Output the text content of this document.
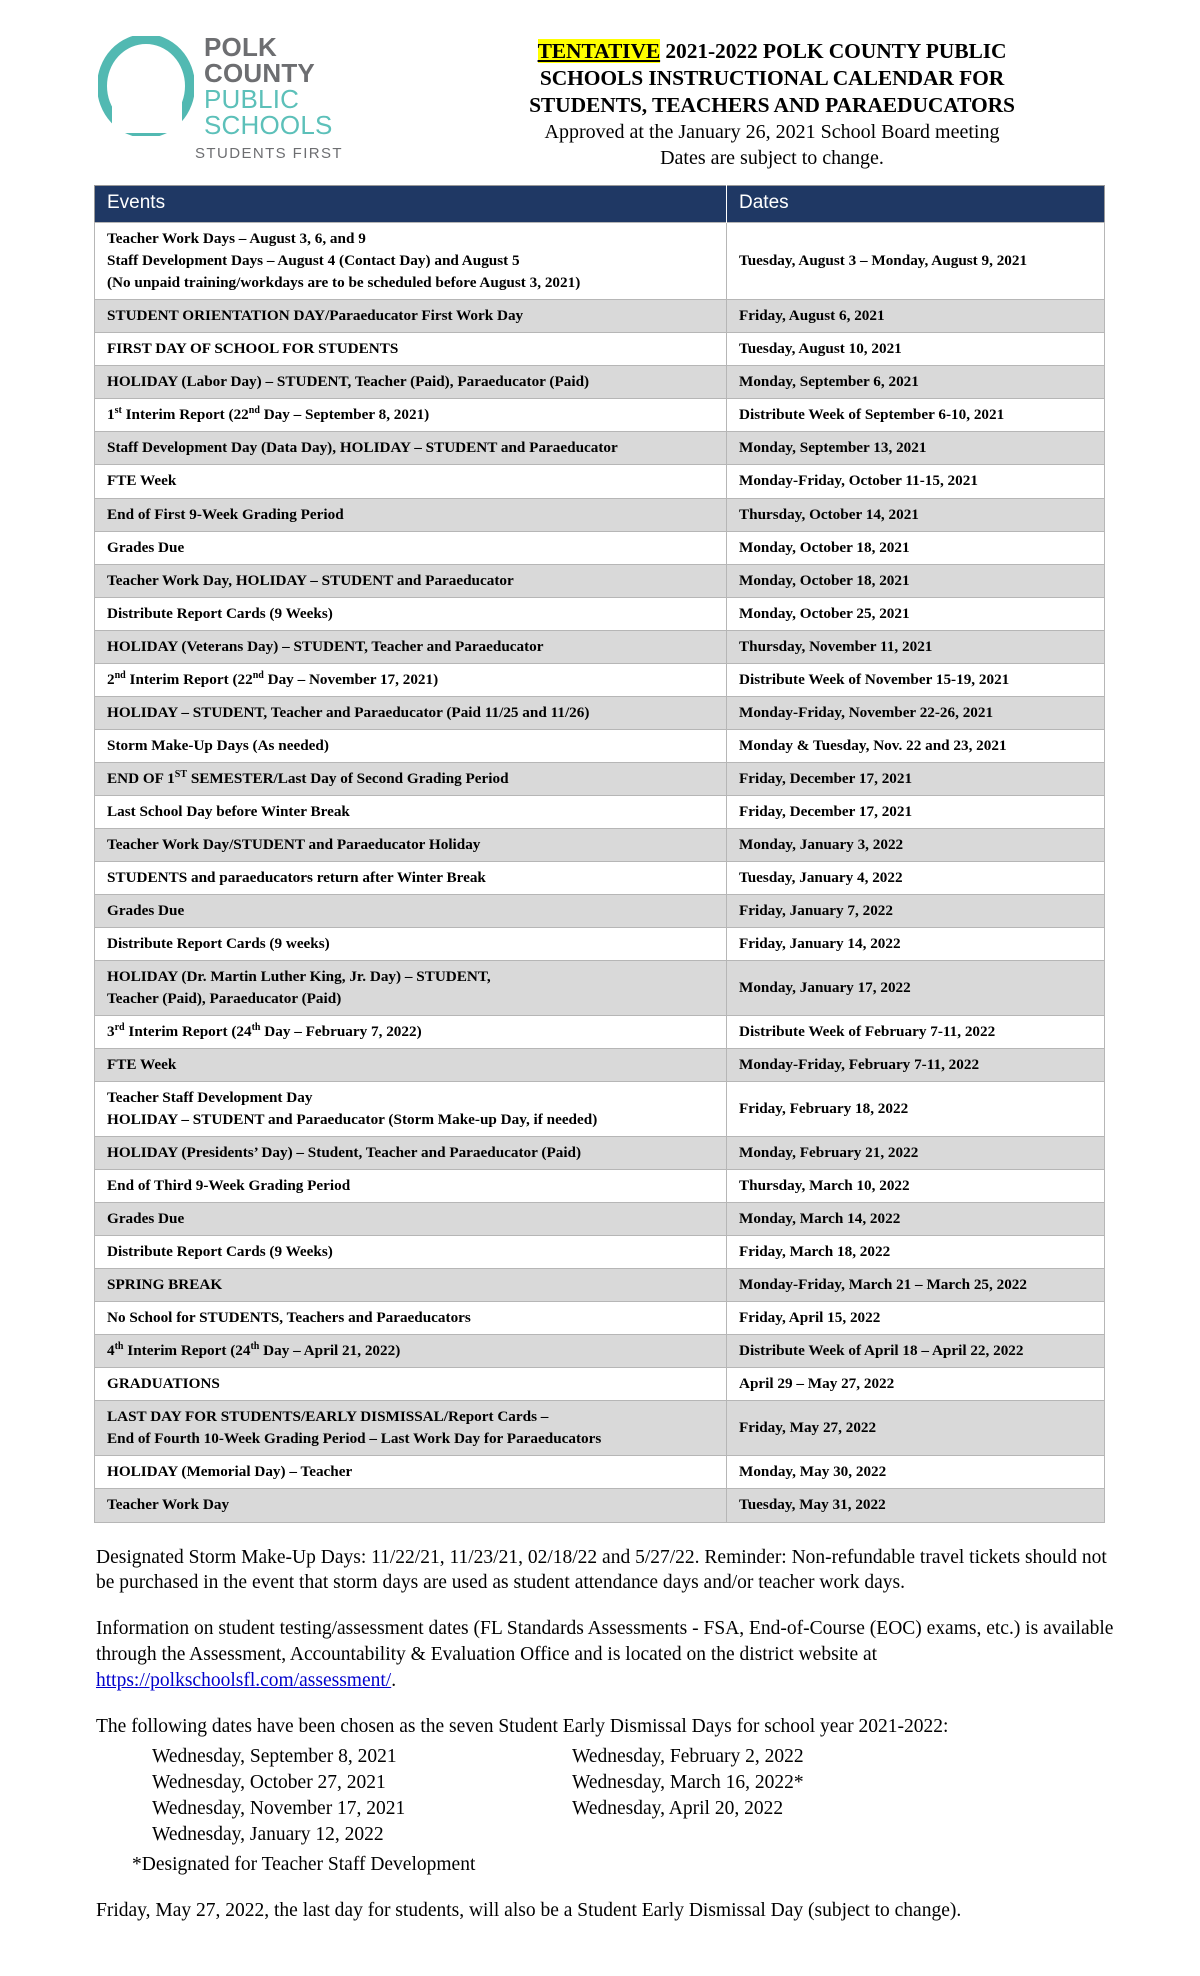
POLK COUNTY
PUBLIC SCHOOLS
STUDENTS FIRST
TENTATIVE 2021-2022 POLK COUNTY PUBLIC
SCHOOLS INSTRUCTIONAL CALENDAR FOR
STUDENTS, TEACHERS AND PARAEDUCATORS
Approved at the January 26, 2021 School Board meeting
Dates are subject to change.
Events	Dates
Teacher Work Days – August 3, 6, and 9
Staff Development Days – August 4 (Contact Day) and August 5
(No unpaid training/workdays are to be scheduled before August 3, 2021)	Tuesday, August 3 – Monday, August 9, 2021
STUDENT ORIENTATION DAY/Paraeducator First Work Day	Friday, August 6, 2021
FIRST DAY OF SCHOOL FOR STUDENTS	Tuesday, August 10, 2021
HOLIDAY (Labor Day) – STUDENT, Teacher (Paid), Paraeducator (Paid)	Monday, September 6, 2021
1st Interim Report (22nd Day – September 8, 2021)	Distribute Week of September 6-10, 2021
Staff Development Day (Data Day), HOLIDAY – STUDENT and Paraeducator	Monday, September 13, 2021
FTE Week	Monday-Friday, October 11-15, 2021
End of First 9-Week Grading Period	Thursday, October 14, 2021
Grades Due	Monday, October 18, 2021
Teacher Work Day, HOLIDAY – STUDENT and Paraeducator	Monday, October 18, 2021
Distribute Report Cards (9 Weeks)	Monday, October 25, 2021
HOLIDAY (Veterans Day) – STUDENT, Teacher and Paraeducator	Thursday, November 11, 2021
2nd Interim Report (22nd Day – November 17, 2021)	Distribute Week of November 15-19, 2021
HOLIDAY – STUDENT, Teacher and Paraeducator (Paid 11/25 and 11/26)	Monday-Friday, November 22-26, 2021
Storm Make-Up Days (As needed)	Monday & Tuesday, Nov. 22 and 23, 2021
END OF 1ST SEMESTER/Last Day of Second Grading Period	Friday, December 17, 2021
Last School Day before Winter Break	Friday, December 17, 2021
Teacher Work Day/STUDENT and Paraeducator Holiday	Monday, January 3, 2022
STUDENTS and paraeducators return after Winter Break	Tuesday, January 4, 2022
Grades Due	Friday, January 7, 2022
Distribute Report Cards (9 weeks)	Friday, January 14, 2022
HOLIDAY (Dr. Martin Luther King, Jr. Day) – STUDENT,
Teacher (Paid), Paraeducator (Paid)	Monday, January 17, 2022
3rd Interim Report (24th Day – February 7, 2022)	Distribute Week of February 7-11, 2022
FTE Week	Monday-Friday, February 7-11, 2022
Teacher Staff Development Day
HOLIDAY – STUDENT and Paraeducator (Storm Make-up Day, if needed)	Friday, February 18, 2022
HOLIDAY (Presidents’ Day) – Student, Teacher and Paraeducator (Paid)	Monday, February 21, 2022
End of Third 9-Week Grading Period	Thursday, March 10, 2022
Grades Due	Monday, March 14, 2022
Distribute Report Cards (9 Weeks)	Friday, March 18, 2022
SPRING BREAK	Monday-Friday, March 21 – March 25, 2022
No School for STUDENTS, Teachers and Paraeducators	Friday, April 15, 2022
4th Interim Report (24th Day – April 21, 2022)	Distribute Week of April 18 – April 22, 2022
GRADUATIONS	April 29 – May 27, 2022
LAST DAY FOR STUDENTS/EARLY DISMISSAL/Report Cards –
End of Fourth 10-Week Grading Period – Last Work Day for Paraeducators	Friday, May 27, 2022
HOLIDAY (Memorial Day) – Teacher	Monday, May 30, 2022
Teacher Work Day	Tuesday, May 31, 2022

Designated Storm Make-Up Days: 11/22/21, 11/23/21, 02/18/22 and 5/27/22. Reminder: Non-refundable travel tickets should not be purchased in the event that storm days are used as student attendance days and/or teacher work days.

Information on student testing/assessment dates (FL Standards Assessments - FSA, End-of-Course (EOC) exams, etc.) is available through the Assessment, Accountability & Evaluation Office and is located on the district website at https://polkschoolsfl.com/assessment/.

The following dates have been chosen as the seven Student Early Dismissal Days for school year 2021-2022:

Wednesday, September 8, 2021
Wednesday, October 27, 2021
Wednesday, November 17, 2021
Wednesday, January 12, 2022
Wednesday, February 2, 2022
Wednesday, March 16, 2022*
Wednesday, April 20, 2022

*Designated for Teacher Staff Development

Friday, May 27, 2022, the last day for students, will also be a Student Early Dismissal Day (subject to change).
